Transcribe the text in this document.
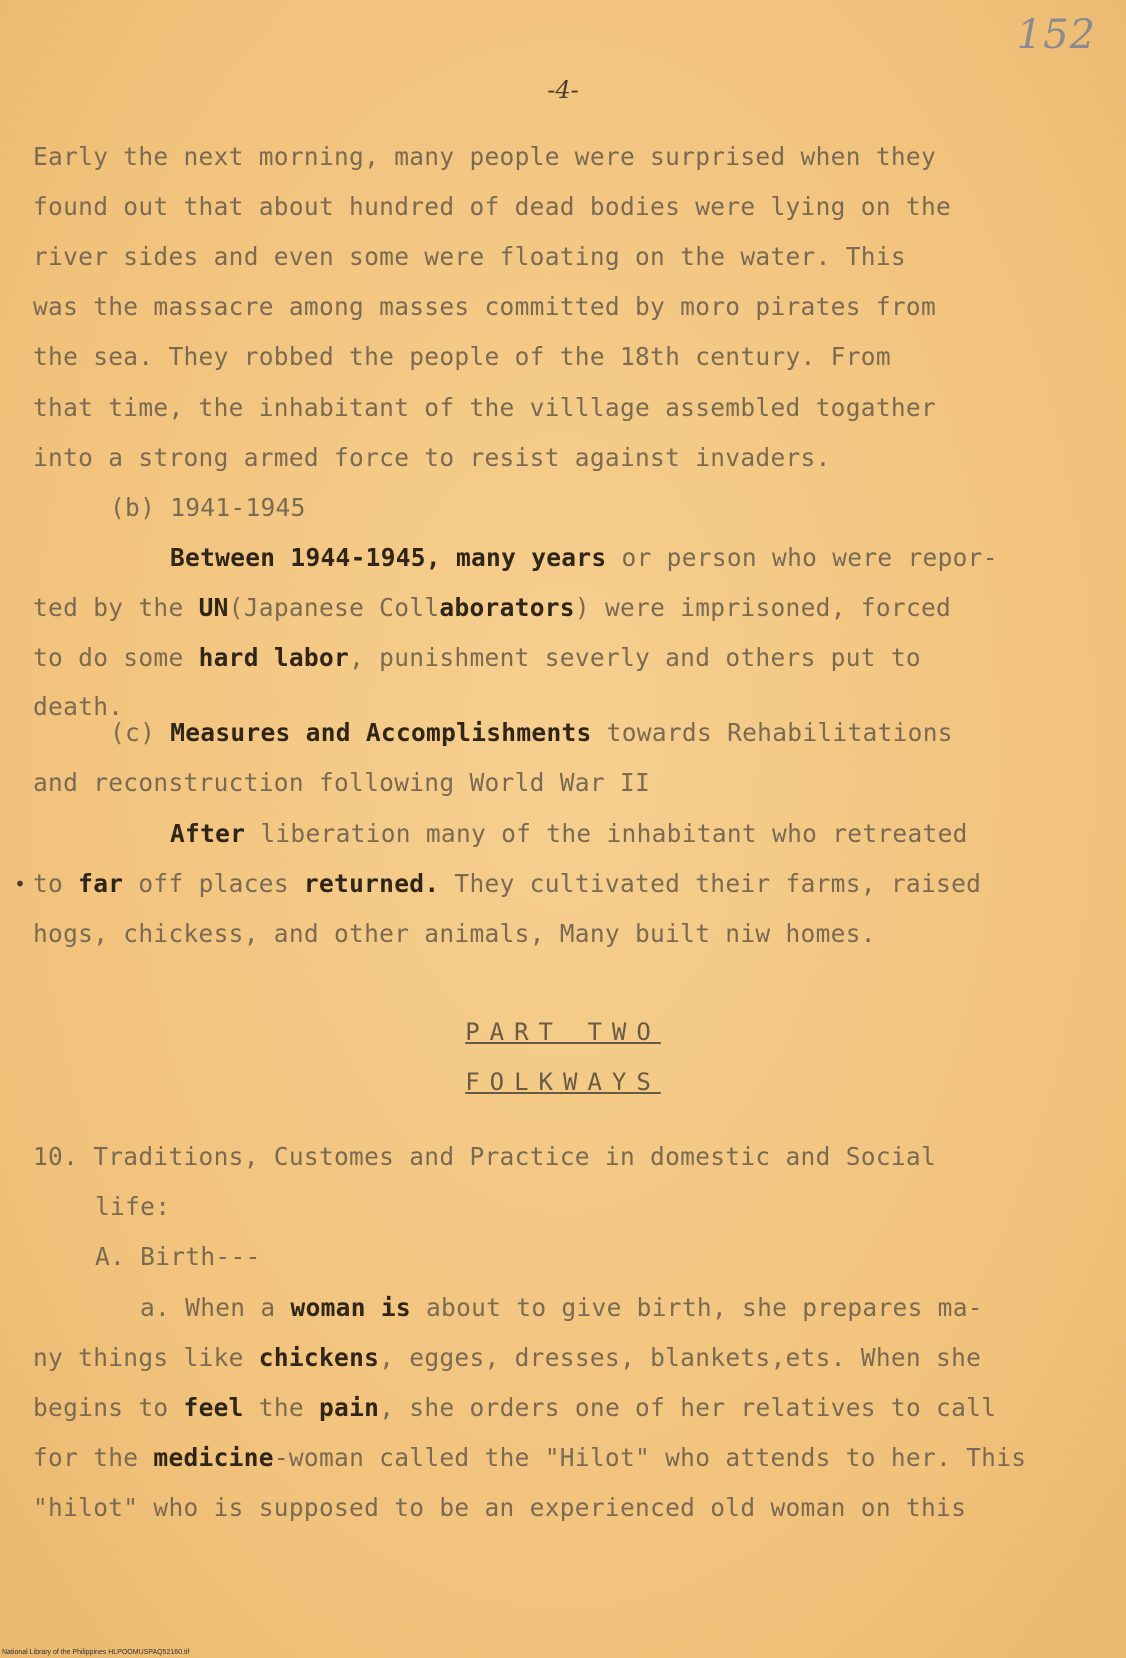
152
-4-
Early the next morning, many people were surprised when they
found out that about hundred of dead bodies were lying on the
river sides and even some were floating on the water. This
was the massacre among masses committed by moro pirates from
the sea. They robbed the people of the 18th century. From
that time, the inhabitant of the villlage assembled togather
into a strong armed force to resist against invaders.
(b) 1941-1945
Between 1944-1945, many years or person who were repor-
ted by the UN(Japanese Collaborators) were imprisoned, forced
to do some hard labor, punishment severly and others put to
death.
(c) Measures and Accomplishments towards Rehabilitations
and reconstruction following World War II
After liberation many of the inhabitant who retreated
• to far off places returned. They cultivated their farms, raised
hogs, chickess, and other animals, Many built niw homes.
PART TWO
FOLKWAYS
10. Traditions, Customes and Practice in domestic and Social
life:
A. Birth---
a. When a woman is about to give birth, she prepares ma-
ny things like chickens, egges, dresses, blankets,ets. When she
begins to feel the pain, she orders one of her relatives to call
for the medicine-woman called the "Hilot" who attends to her. This
"hilot" who is supposed to be an experienced old woman on this
National Library of the Philippines HLPOOMUSPAQ52160.tif
